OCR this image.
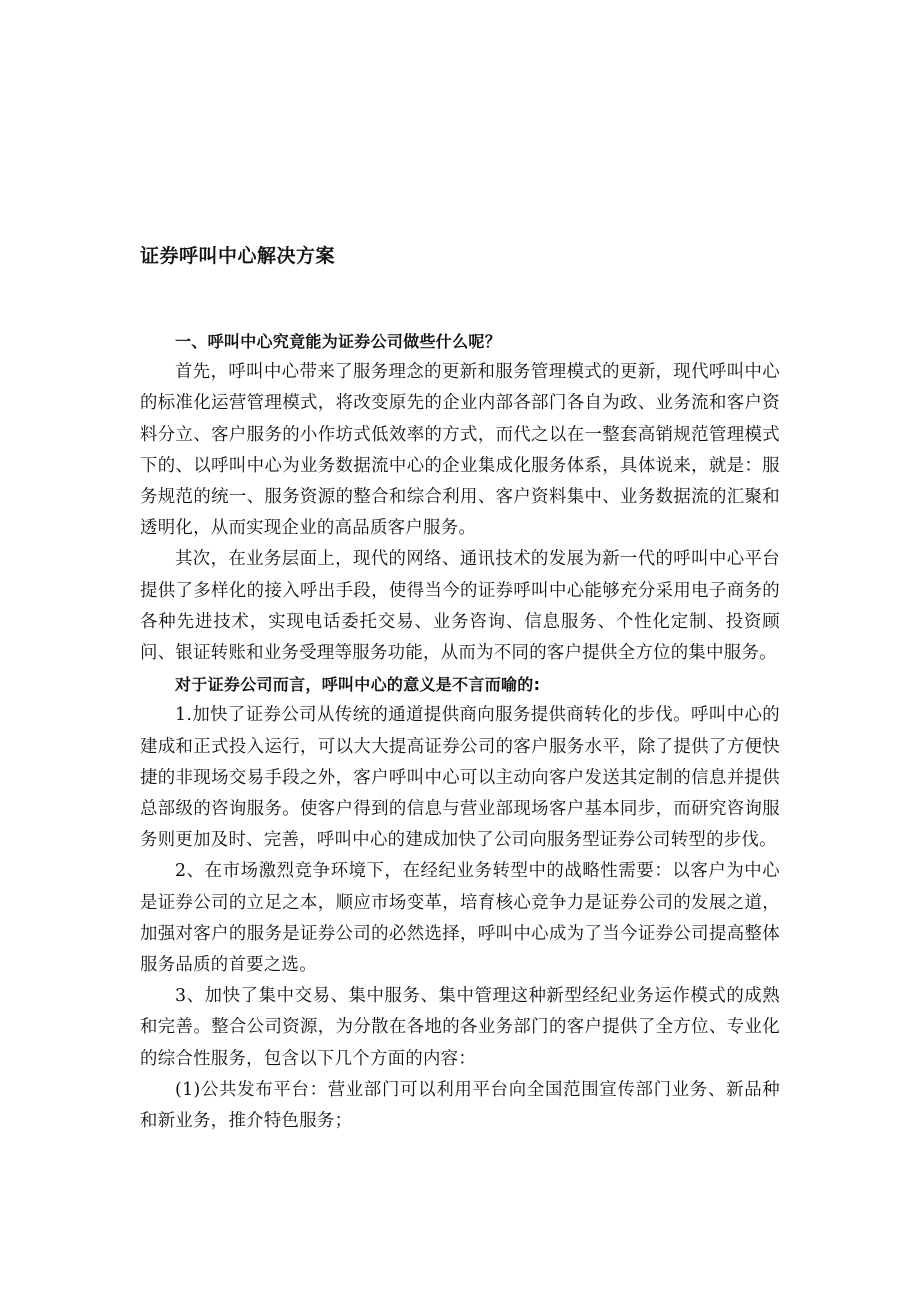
证券呼叫中心解决方案

一、呼叫中心究竟能为证券公司做些什么呢？

首先，呼叫中心带来了服务理念的更新和服务管理模式的更新，现代呼叫中心的标准化运营管理模式，将改变原先的企业内部各部门各自为政、业务流和客户资料分立、客户服务的小作坊式低效率的方式，而代之以在一整套高销规范管理模式下的、以呼叫中心为业务数据流中心的企业集成化服务体系，具体说来，就是：服务规范的统一、服务资源的整合和综合利用、客户资料集中、业务数据流的汇聚和透明化，从而实现企业的高品质客户服务。

其次，在业务层面上，现代的网络、通讯技术的发展为新一代的呼叫中心平台提供了多样化的接入呼出手段，使得当今的证券呼叫中心能够充分采用电子商务的各种先进技术，实现电话委托交易、业务咨询、信息服务、个性化定制、投资顾问、银证转账和业务受理等服务功能，从而为不同的客户提供全方位的集中服务。

对于证券公司而言，呼叫中心的意义是不言而喻的:

1.加快了证券公司从传统的通道提供商向服务提供商转化的步伐。呼叫中心的建成和正式投入运行，可以大大提高证券公司的客户服务水平，除了提供了方便快捷的非现场交易手段之外，客户呼叫中心可以主动向客户发送其定制的信息并提供总部级的咨询服务。使客户得到的信息与营业部现场客户基本同步，而研究咨询服务则更加及时、完善，呼叫中心的建成加快了公司向服务型证券公司转型的步伐。

2、在市场激烈竞争环境下，在经纪业务转型中的战略性需要：以客户为中心是证券公司的立足之本，顺应市场变革，培育核心竞争力是证券公司的发展之道，加强对客户的服务是证券公司的必然选择，呼叫中心成为了当今证券公司提高整体服务品质的首要之选。

3、加快了集中交易、集中服务、集中管理这种新型经纪业务运作模式的成熟和完善。整合公司资源，为分散在各地的各业务部门的客户提供了全方位、专业化的综合性服务，包含以下几个方面的内容：

(1)公共发布平台：营业部门可以利用平台向全国范围宣传部门业务、新品种和新业务，推介特色服务；
